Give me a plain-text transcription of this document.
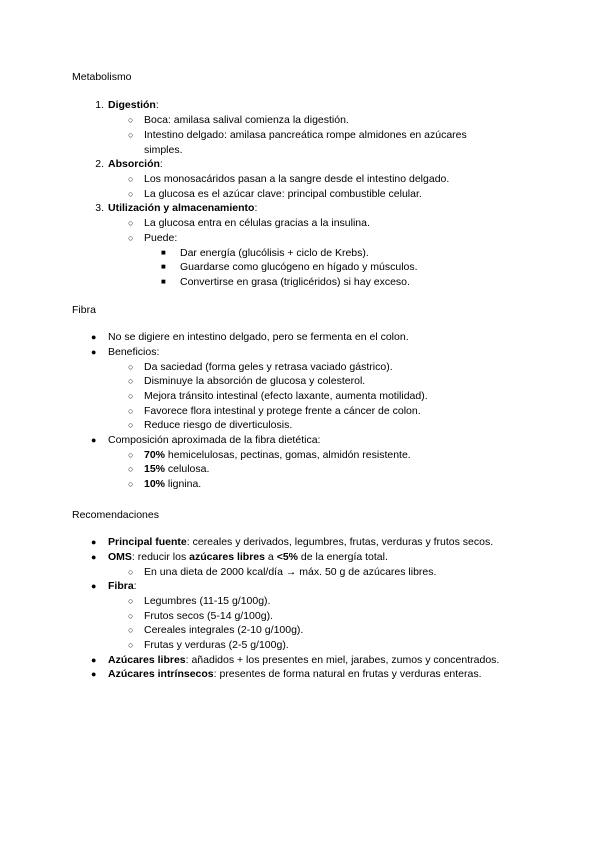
Metabolismo
1. Digestión:
○ Boca: amilasa salival comienza la digestión.
○ Intestino delgado: amilasa pancreática rompe almidones en azúcares
simples.
2. Absorción:
○ Los monosacáridos pasan a la sangre desde el intestino delgado.
○ La glucosa es el azúcar clave: principal combustible celular.
3. Utilización y almacenamiento:
○ La glucosa entra en células gracias a la insulina.
○ Puede:
■ Dar energía (glucólisis + ciclo de Krebs).
■ Guardarse como glucógeno en hígado y músculos.
■ Convertirse en grasa (triglicéridos) si hay exceso.
Fibra
● No se digiere en intestino delgado, pero se fermenta en el colon.
● Beneficios:
○ Da saciedad (forma geles y retrasa vaciado gástrico).
○ Disminuye la absorción de glucosa y colesterol.
○ Mejora tránsito intestinal (efecto laxante, aumenta motilidad).
○ Favorece flora intestinal y protege frente a cáncer de colon.
○ Reduce riesgo de diverticulosis.
● Composición aproximada de la fibra dietética:
○ 70% hemicelulosas, pectinas, gomas, almidón resistente.
○ 15% celulosa.
○ 10% lignina.
Recomendaciones
● Principal fuente: cereales y derivados, legumbres, frutas, verduras y frutos secos.
● OMS: reducir los azúcares libres a <5% de la energía total.
○ En una dieta de 2000 kcal/día → máx. 50 g de azúcares libres.
● Fibra:
○ Legumbres (11-15 g/100g).
○ Frutos secos (5-14 g/100g).
○ Cereales integrales (2-10 g/100g).
○ Frutas y verduras (2-5 g/100g).
● Azúcares libres: añadidos + los presentes en miel, jarabes, zumos y concentrados.
● Azúcares intrínsecos: presentes de forma natural en frutas y verduras enteras.
